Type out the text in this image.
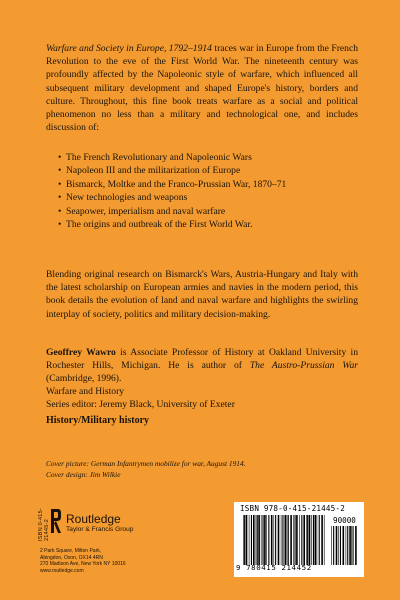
Warfare and Society in Europe, 1792–1914 traces war in Europe from the French Revolution to the eve of the First World War. The nineteenth century was profoundly affected by the Napoleonic style of warfare, which influenced all subsequent military development and shaped Europe's history, borders and culture. Throughout, this fine book treats warfare as a social and political phenomenon no less than a military and technological one, and includes discussion of:
• The French Revolutionary and Napoleonic Wars
• Napoleon III and the militarization of Europe
• Bismarck, Moltke and the Franco-Prussian War, 1870–71
• New technologies and weapons
• Seapower, imperialism and naval warfare
• The origins and outbreak of the First World War.
Blending original research on Bismarck's Wars, Austria-Hungary and Italy with the latest scholarship on European armies and navies in the modern period, this book details the evolution of land and naval warfare and highlights the swirling interplay of society, politics and military decision-making.
Geoffrey Wawro is Associate Professor of History at Oakland University in Rochester Hills, Michigan. He is author of The Austro-Prussian War (Cambridge, 1996).
Warfare and History
Series editor: Jeremy Black, University of Exeter
History/Military history
Cover picture: German Infantrymen mobilize for war, August 1914.
Cover design: Jim Wilkie
ISBN 0-415-21445-2
Routledge
Taylor & Francis Group
2 Park Square, Milton Park,
Abingdon, Oxon, OX14 4RN
270 Madison Ave, New York NY 10016
www.routledge.com
ISBN 978-0-415-21445-2
90000
9 780415 214452
